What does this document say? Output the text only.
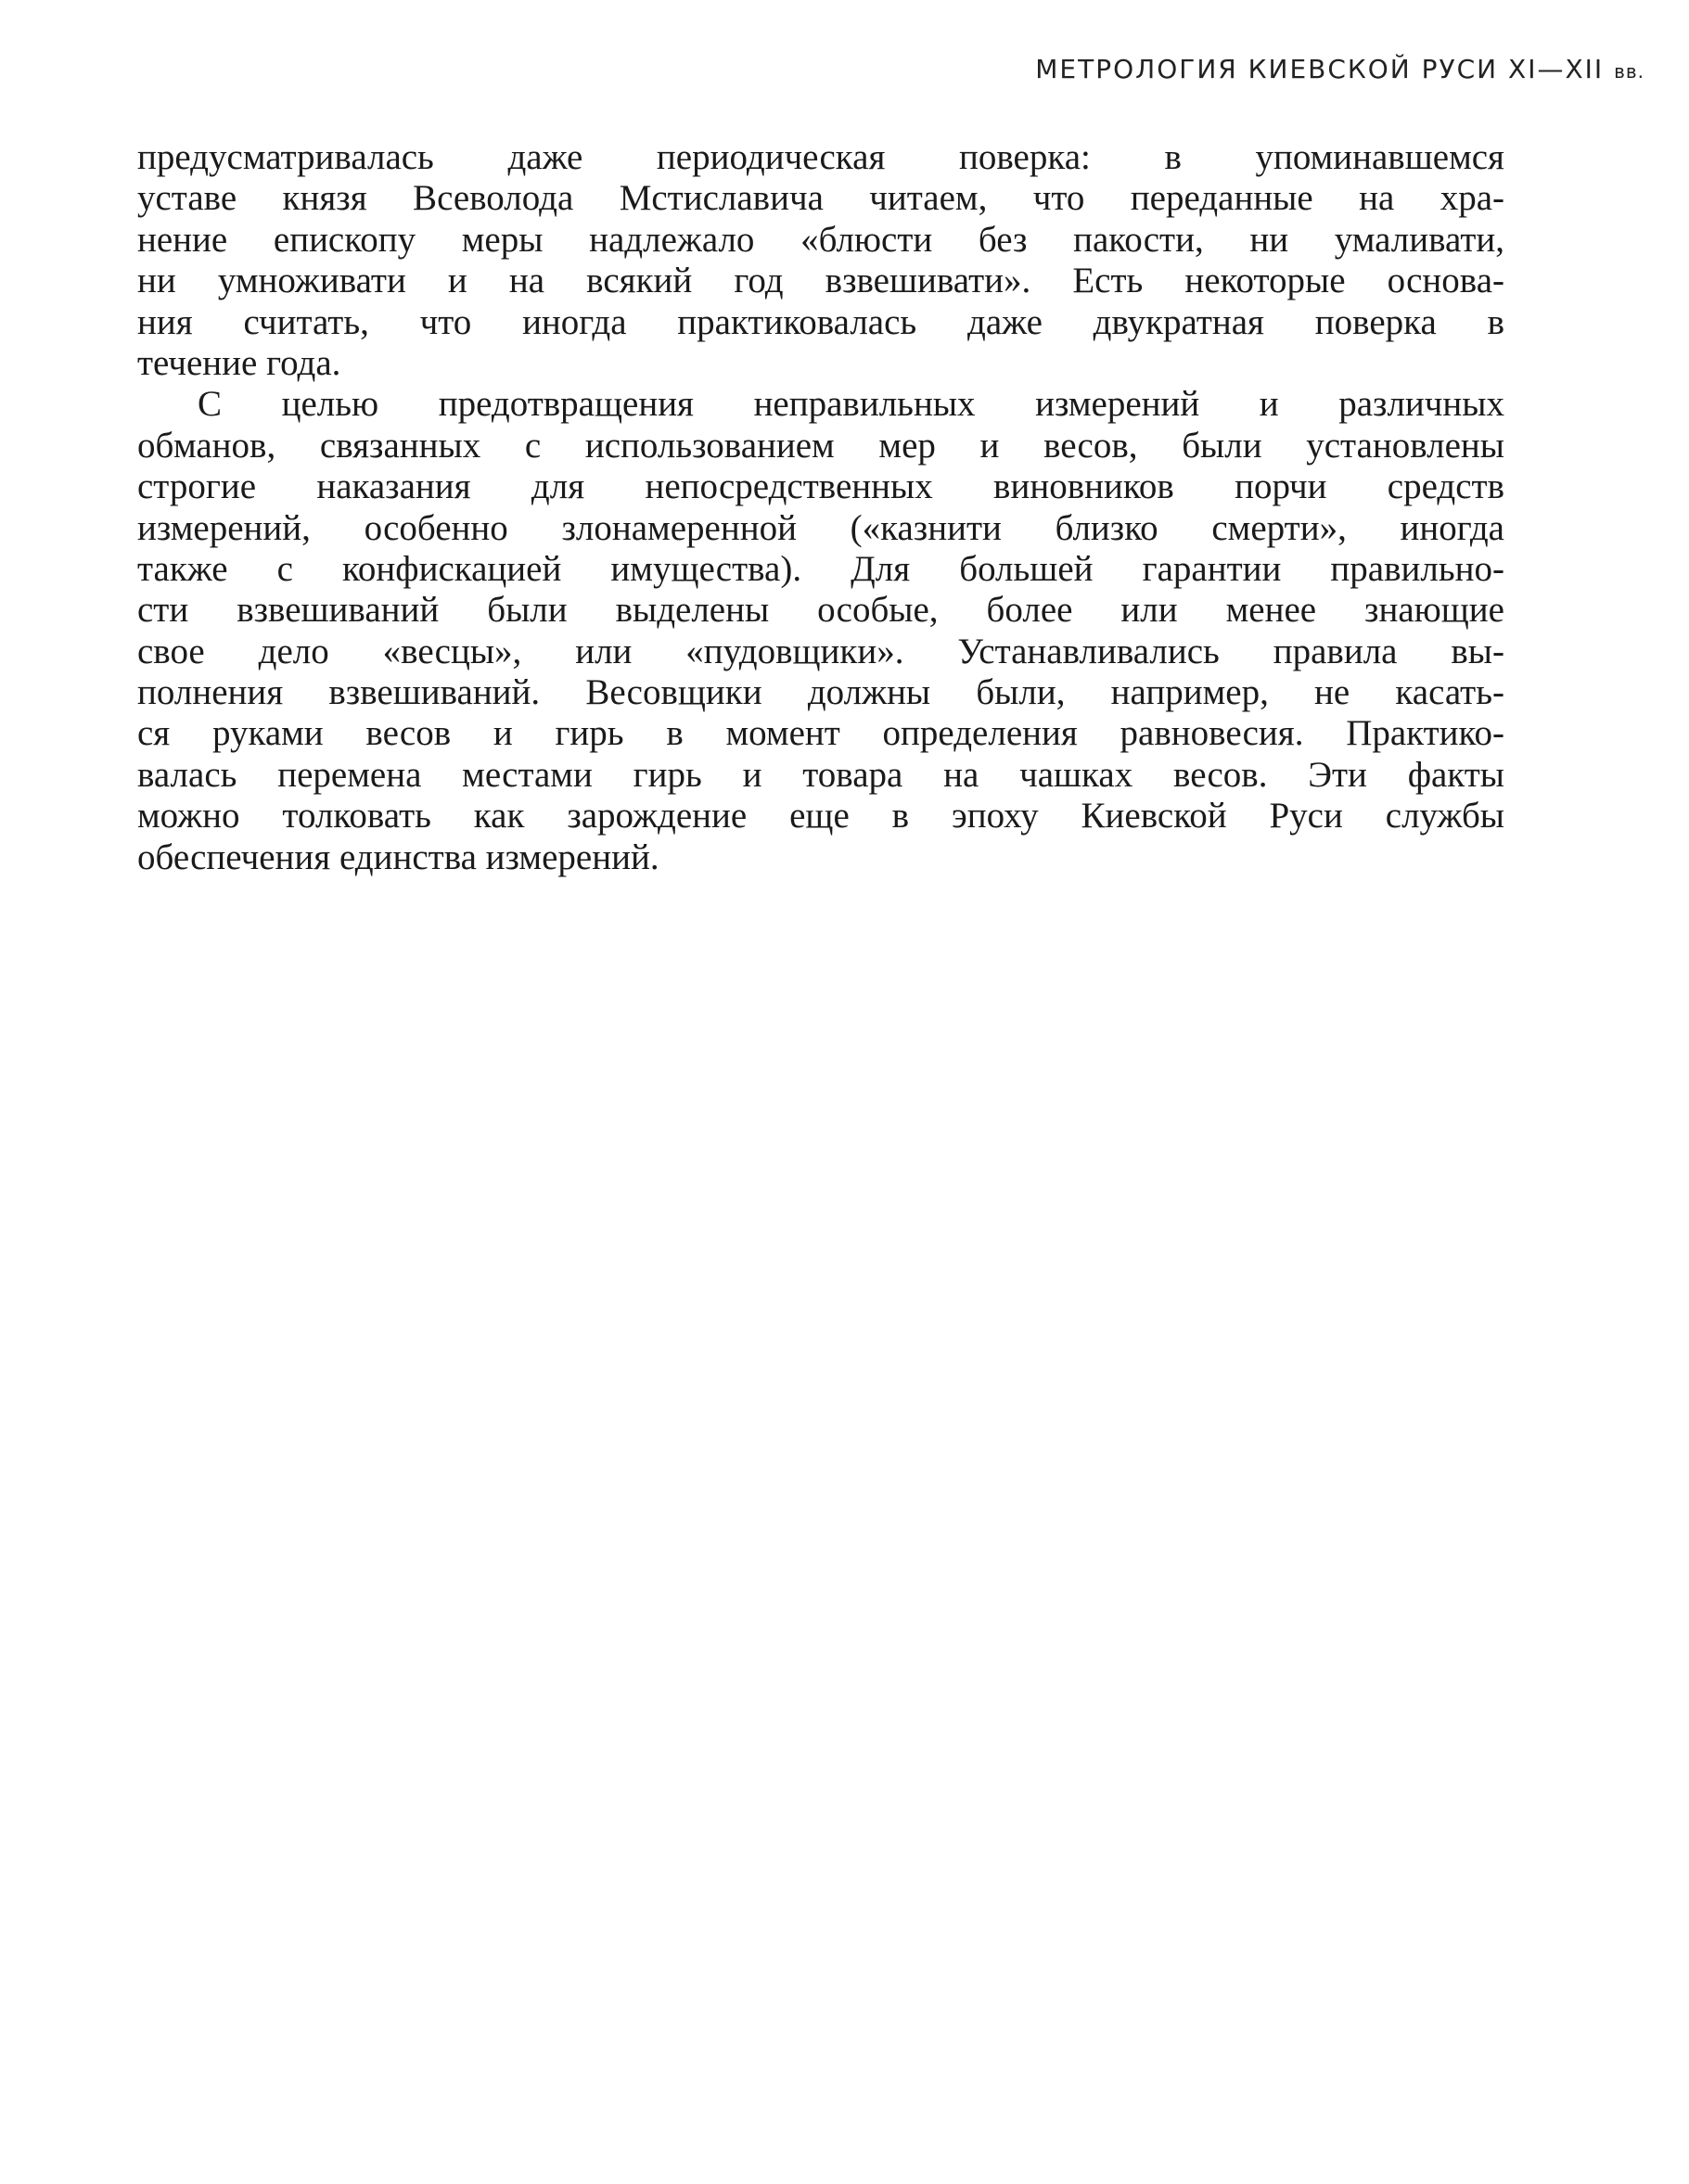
МЕТРОЛОГИЯ КИЕВСКОЙ РУСИ XI—XII вв.
предусматривалась даже периодическая поверка: в упоминавшемся
уставе князя Всеволода Мстиславича читаем, что переданные на хра-
нение епископу меры надлежало «блюсти без пакости, ни умаливати,
ни умноживати и на всякий год взвешивати». Есть некоторые основа-
ния считать, что иногда практиковалась даже двукратная поверка в
течение года.
С целью предотвращения неправильных измерений и различных
обманов, связанных с использованием мер и весов, были установлены
строгие наказания для непосредственных виновников порчи средств
измерений, особенно злонамеренной («казнити близко смерти», иногда
также с конфискацией имущества). Для большей гарантии правильно-
сти взвешиваний были выделены особые, более или менее знающие
свое дело «весцы», или «пудовщики». Устанавливались правила вы-
полнения взвешиваний. Весовщики должны были, например, не касать-
ся руками весов и гирь в момент определения равновесия. Практико-
валась перемена местами гирь и товара на чашках весов. Эти факты
можно толковать как зарождение еще в эпоху Киевской Руси службы
обеспечения единства измерений.
